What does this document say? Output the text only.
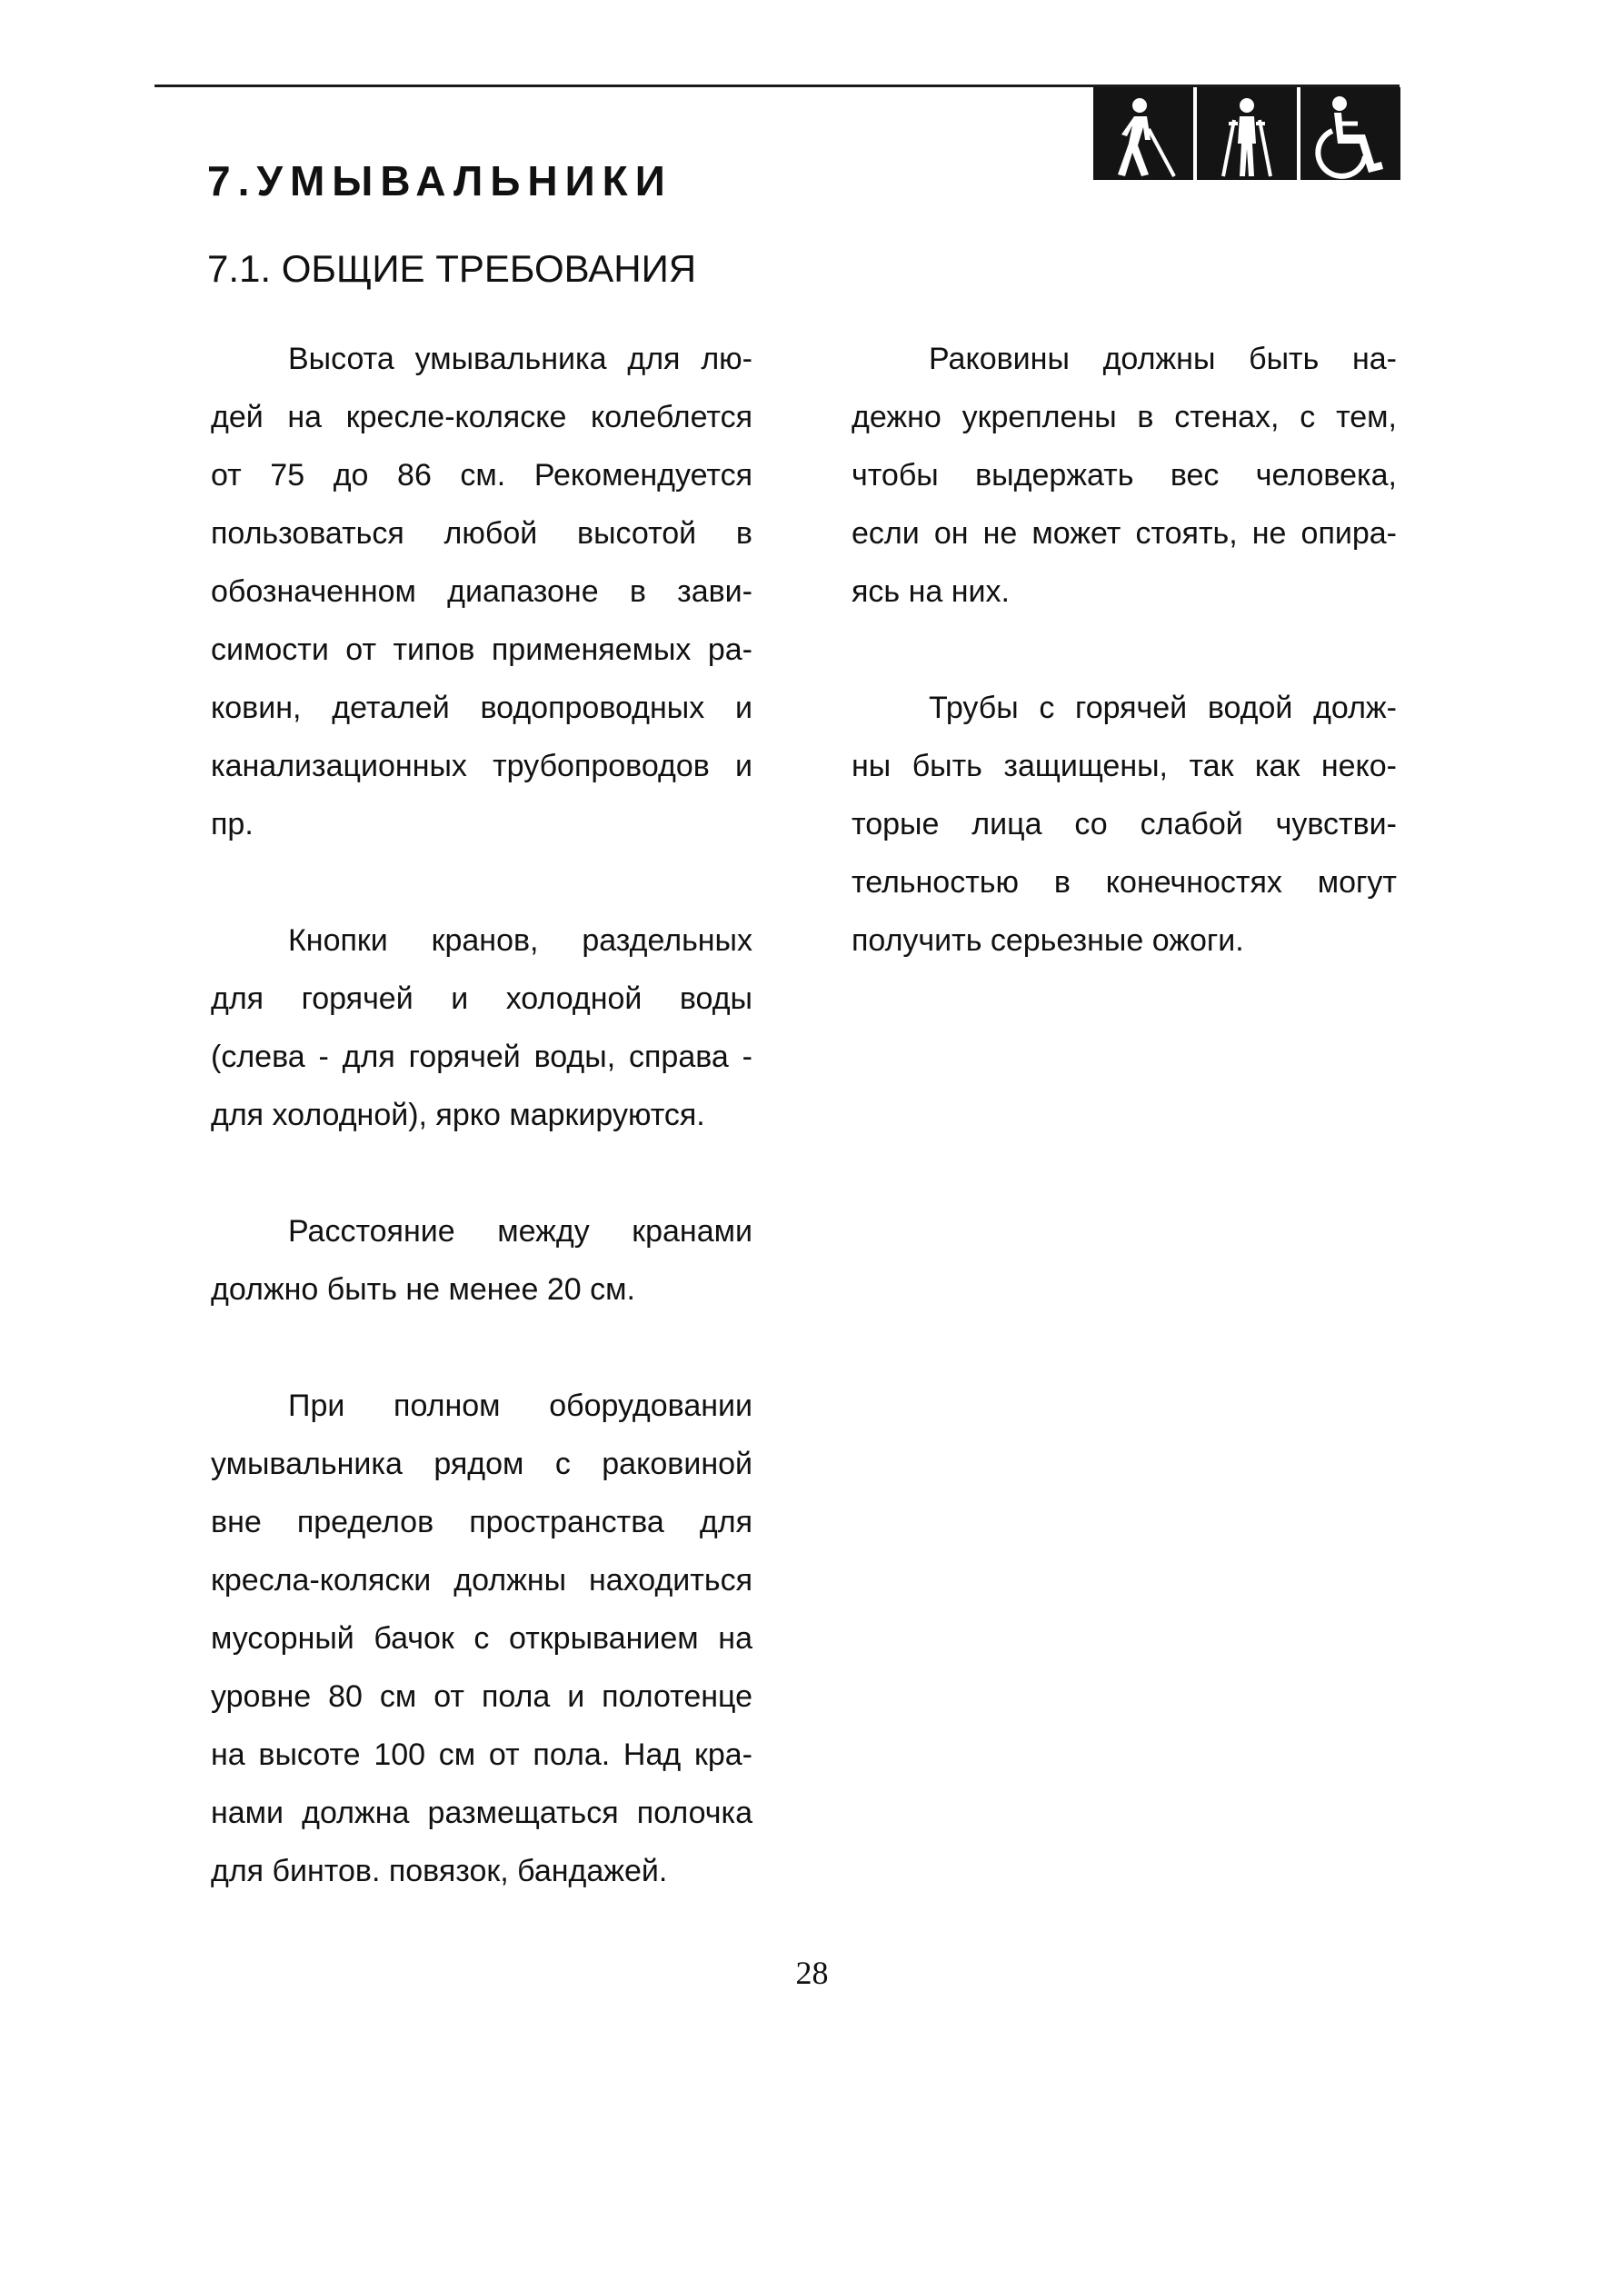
7.УМЫВАЛЬНИКИ
7.1. ОБЩИЕ ТРЕБОВАНИЯ

Высота умывальника для лю-
дей на кресле-коляске колеблется
от 75 до 86 см. Рекомендуется
пользоваться любой высотой в
обозначенном диапазоне в зави-
симости от типов применяемых ра-
ковин, деталей водопроводных и
канализационных трубопроводов и
пр.

Кнопки кранов, раздельных
для горячей и холодной воды
(слева - для горячей воды, справа -
для холодной), ярко маркируются.

Расстояние между кранами
должно быть не менее 20 см.

При полном оборудовании
умывальника рядом с раковиной
вне пределов пространства для
кресла-коляски должны находиться
мусорный бачок с открыванием на
уровне 80 см от пола и полотенце
на высоте 100 см от пола. Над кра-
нами должна размещаться полочка
для бинтов. повязок, бандажей.

Раковины должны быть на-
дежно укреплены в стенах, с тем,
чтобы выдержать вес человека,
если он не может стоять, не опира-
ясь на них.

Трубы с горячей водой долж-
ны быть защищены, так как неко-
торые лица со слабой чувстви-
тельностью в конечностях могут
получить серьезные ожоги.

28
